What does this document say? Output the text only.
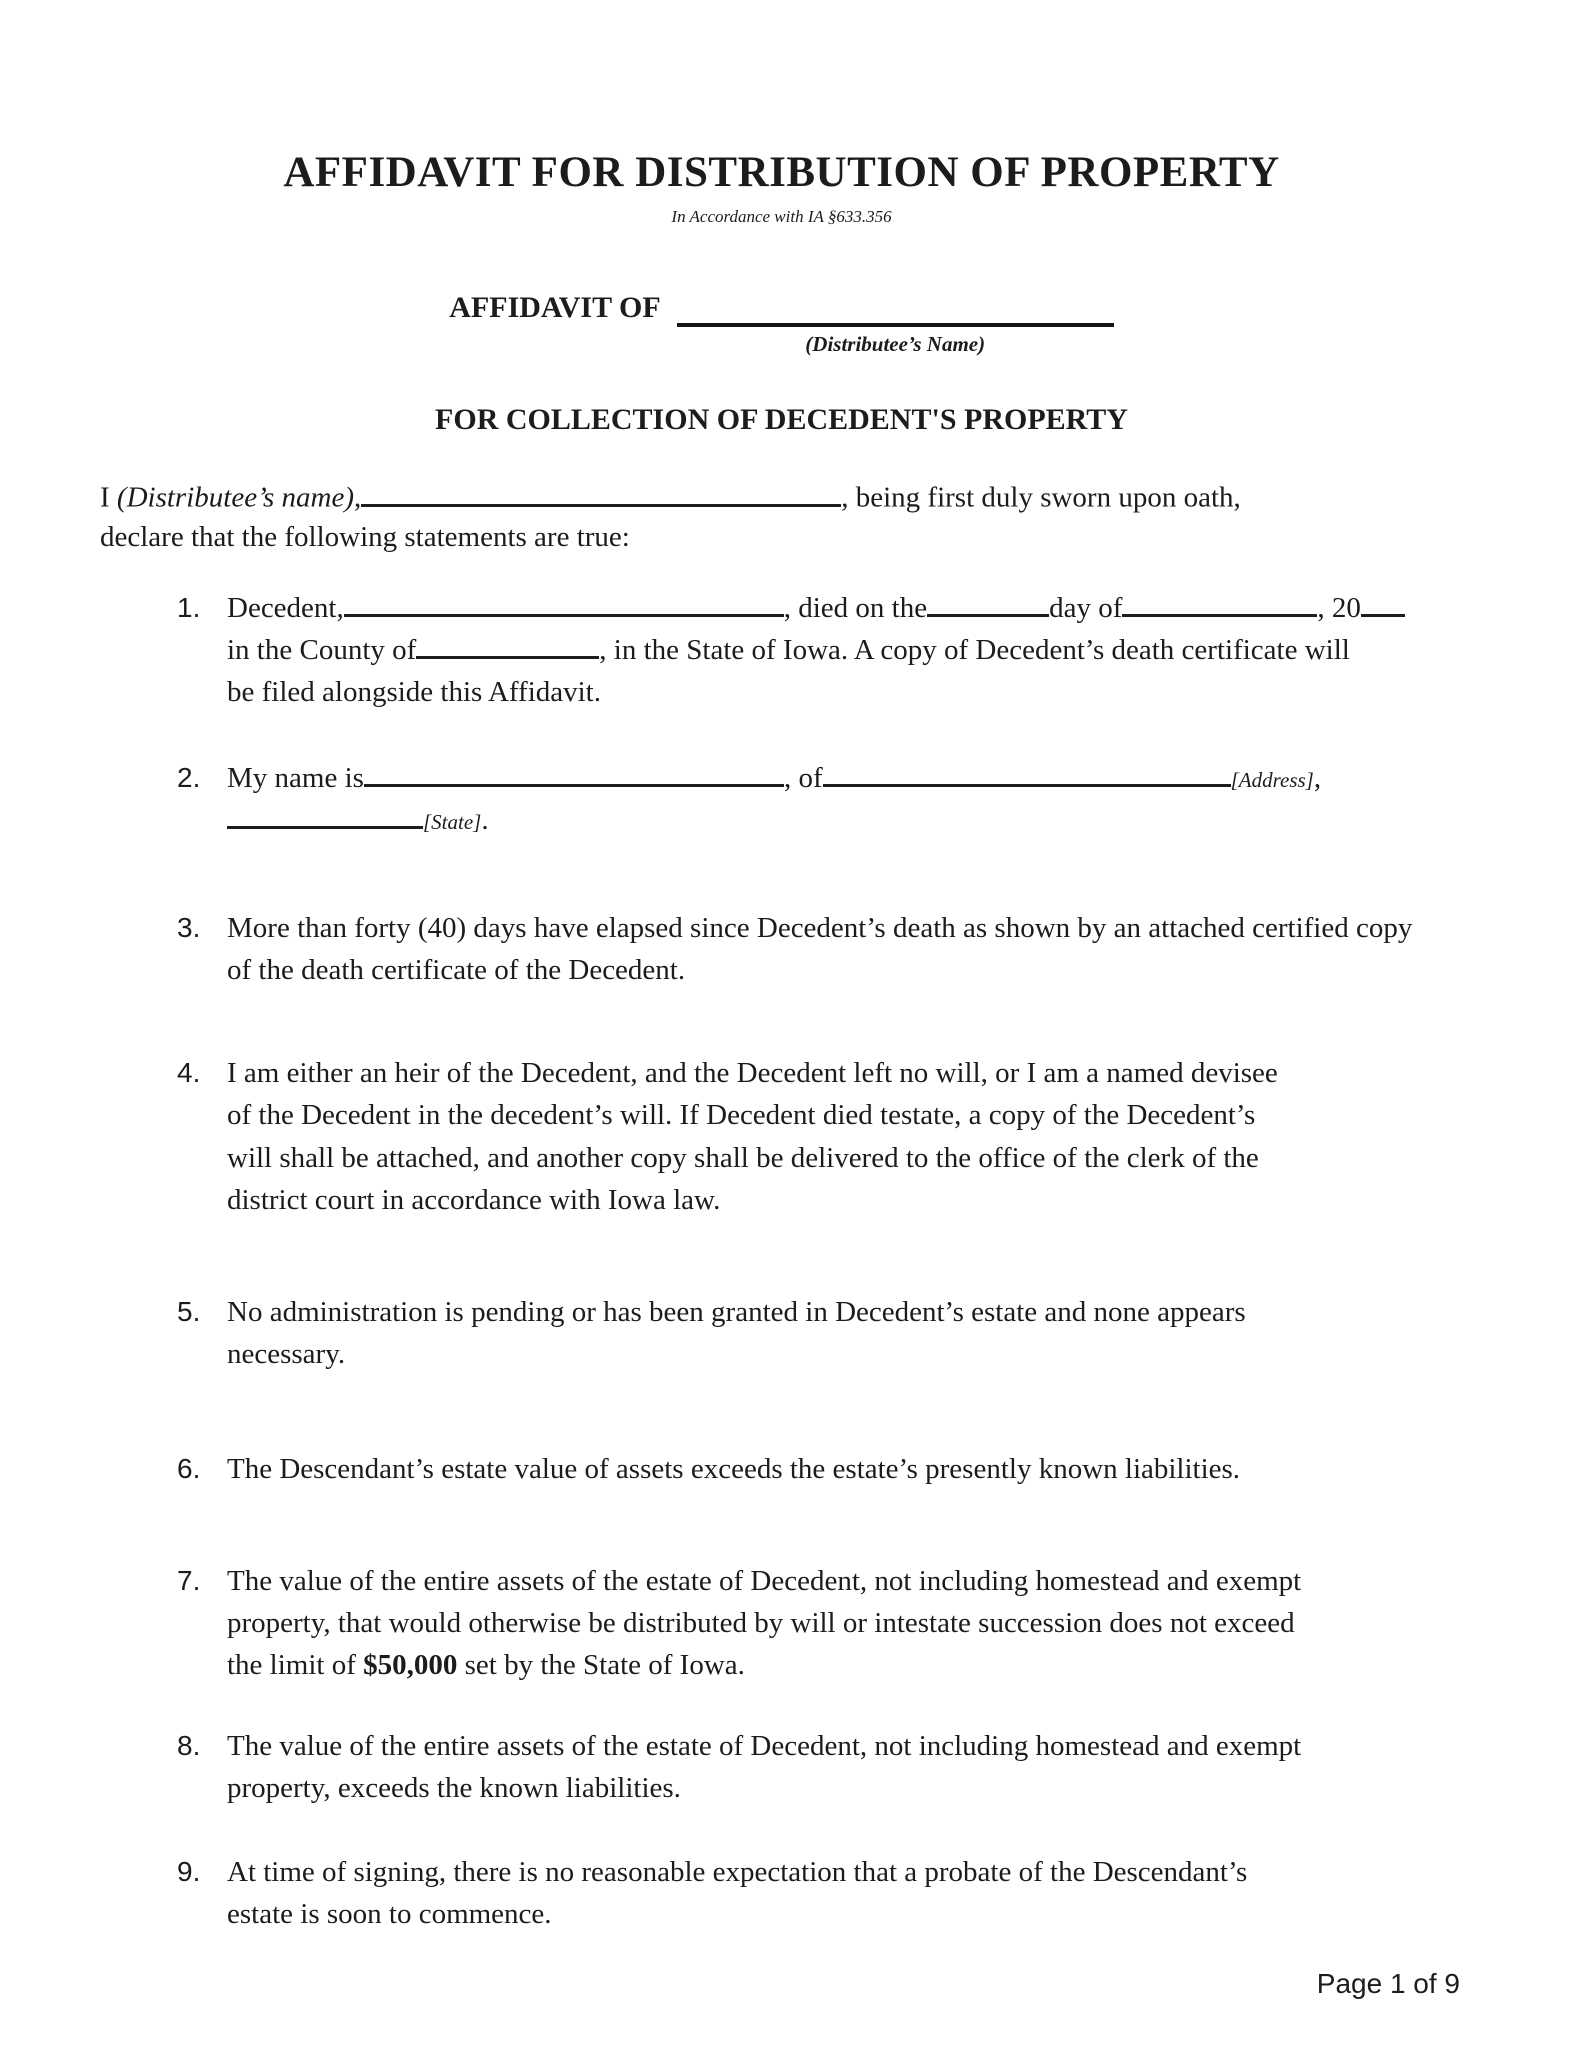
AFFIDAVIT FOR DISTRIBUTION OF PROPERTY
In Accordance with IA §633.356
AFFIDAVIT OF
(Distributee’s Name)
FOR COLLECTION OF DECEDENT'S PROPERTY

I (Distributee’s name),	, being first duly sworn upon oath,
declare that the following statements are true:

1. Decedent,	, died on the	day of	, 20
in the County of	, in the State of Iowa. A copy of Decedent’s death certificate will
be filed alongside this Affidavit.
2. My name is	, of	[Address],
[State].
3. More than forty (40) days have elapsed since Decedent’s death as shown by an attached certified copy
of the death certificate of the Decedent.
4. I am either an heir of the Decedent, and the Decedent left no will, or I am a named devisee
of the Decedent in the decedent’s will. If Decedent died testate, a copy of the Decedent’s
will shall be attached, and another copy shall be delivered to the office of the clerk of the
district court in accordance with Iowa law.
5. No administration is pending or has been granted in Decedent’s estate and none appears
necessary.
6. The Descendant’s estate value of assets exceeds the estate’s presently known liabilities.
7. The value of the entire assets of the estate of Decedent, not including homestead and exempt
property, that would otherwise be distributed by will or intestate succession does not exceed
the limit of $50,000 set by the State of Iowa.
8. The value of the entire assets of the estate of Decedent, not including homestead and exempt
property, exceeds the known liabilities.
9. At time of signing, there is no reasonable expectation that a probate of the Descendant’s
estate is soon to commence.
Page 1 of 9
